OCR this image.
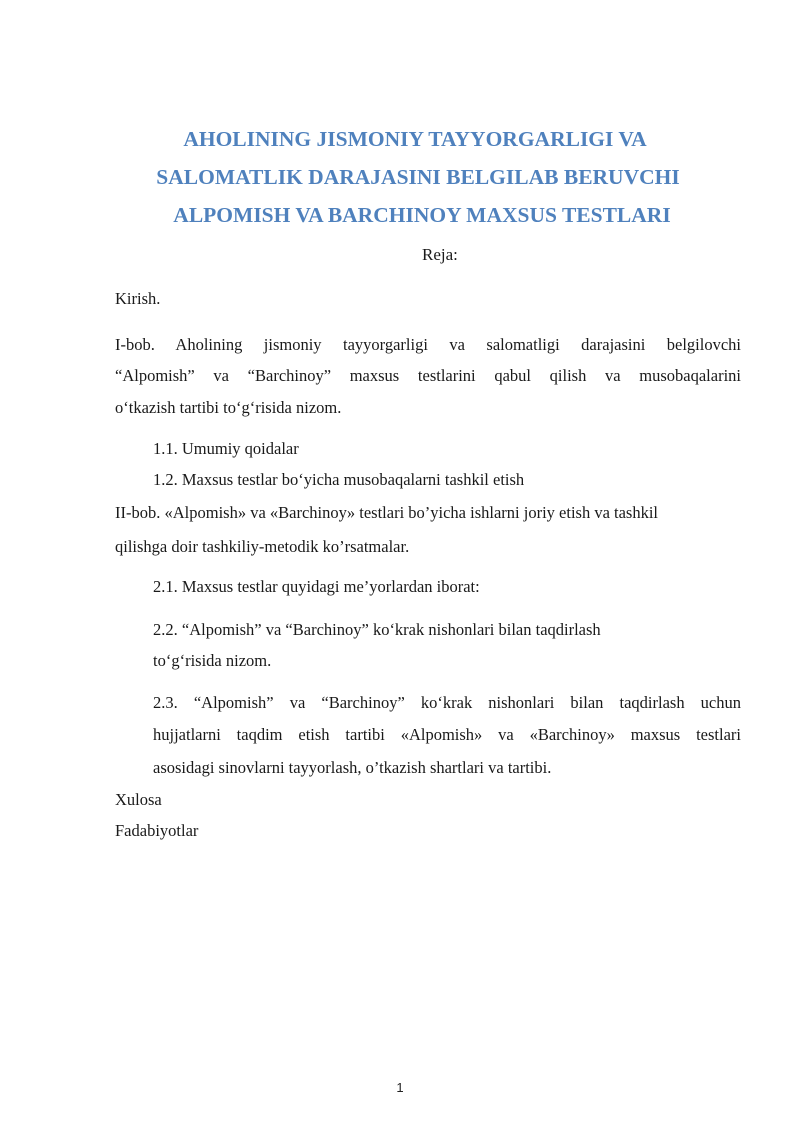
AHOLINING JISMONIY TAYYORGARLIGI VA
SALOMATLIK DARAJASINI BELGILAB BERUVCHI
ALPOMISH VA BARCHINOY MAXSUS TESTLARI
Reja:

Kirish.

I-bob. Aholining jismoniy tayyorgarligi va salomatligi darajasini belgilovchi

“Alpomish” va “Barchinoy” maxsus testlarini qabul qilish va musobaqalarini

o‘tkazish tartibi to‘g‘risida nizom.

1.1. Umumiy qoidalar

1.2. Maxsus testlar bo‘yicha musobaqalarni tashkil etish

II-bob. «Alpomish» va «Barchinoy» testlari bo’yicha ishlarni joriy etish va tashkil

qilishga doir tashkiliy-metodik ko’rsatmalar.

2.1. Maxsus testlar quyidagi me’yorlardan iborat:

2.2. “Alpomish” va “Barchinoy” ko‘krak nishonlari bilan taqdirlash

to‘g‘risida nizom.

2.3. “Alpomish” va “Barchinoy” ko‘krak nishonlari bilan taqdirlash uchun

hujjatlarni taqdim etish tartibi «Alpomish» va «Barchinoy» maxsus testlari

asosidagi sinovlarni tayyorlash, o’tkazish shartlari va tartibi.

Xulosa

Fadabiyotlar

1
